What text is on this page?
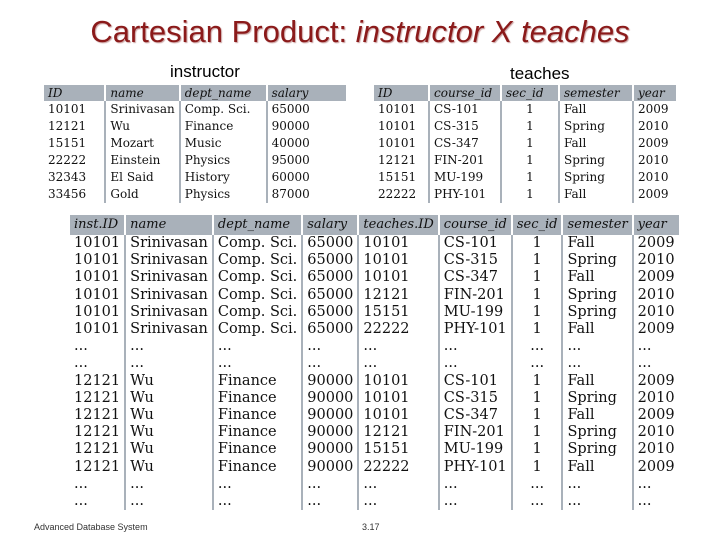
Cartesian Product: instructor X teaches
instructor	teaches
ID	name	dept_name	salary
10101	Srinivasan	Comp. Sci.	65000
12121	Wu	Finance	90000
15151	Mozart	Music	40000
22222	Einstein	Physics	95000
32343	El Said	History	60000
33456	Gold	Physics	87000
ID	course_id	sec_id	semester	year
10101	CS-101	1	Fall	2009
10101	CS-315	1	Spring	2010
10101	CS-347	1	Fall	2009
12121	FIN-201	1	Spring	2010
15151	MU-199	1	Spring	2010
22222	PHY-101	1	Fall	2009
inst.ID	name	dept_name	salary	teaches.ID	course_id	sec_id	semester	year
10101	Srinivasan	Comp. Sci.	65000	10101	CS-101	1	Fall	2009
10101	Srinivasan	Comp. Sci.	65000	10101	CS-315	1	Spring	2010
10101	Srinivasan	Comp. Sci.	65000	10101	CS-347	1	Fall	2009
10101	Srinivasan	Comp. Sci.	65000	12121	FIN-201	1	Spring	2010
10101	Srinivasan	Comp. Sci.	65000	15151	MU-199	1	Spring	2010
10101	Srinivasan	Comp. Sci.	65000	22222	PHY-101	1	Fall	2009
...	...	...	...	...	...	...	...	...
...	...	...	...	...	...	...	...	...
12121	Wu	Finance	90000	10101	CS-101	1	Fall	2009
12121	Wu	Finance	90000	10101	CS-315	1	Spring	2010
12121	Wu	Finance	90000	10101	CS-347	1	Fall	2009
12121	Wu	Finance	90000	12121	FIN-201	1	Spring	2010
12121	Wu	Finance	90000	15151	MU-199	1	Spring	2010
12121	Wu	Finance	90000	22222	PHY-101	1	Fall	2009
...	...	...	...	...	...	...	...	...
...	...	...	...	...	...	...	...	...
Advanced Database System	3.17
